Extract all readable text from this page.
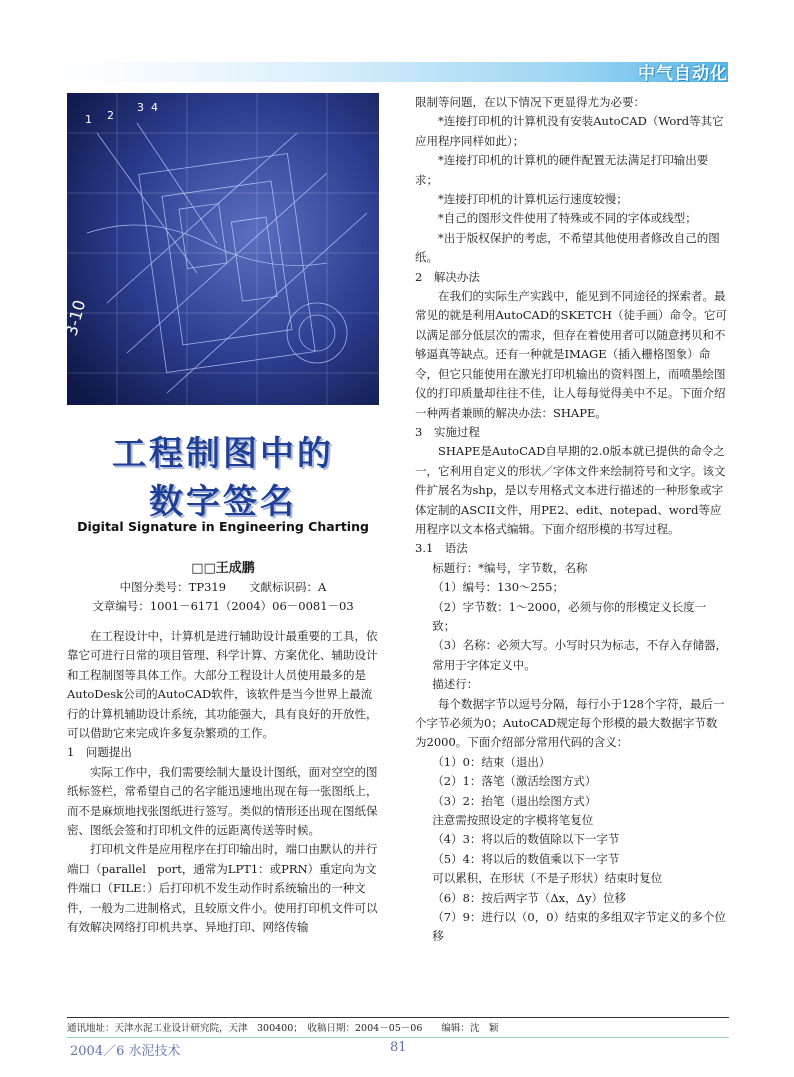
中气自动化
1 2
3 4
3-10
工程制图中的
数字签名
Digital Signature in Engineering Charting
□□王成鹏
中图分类号：TP319　　文献标识码：A
文章编号：1001－6171（2004）06－0081－03

在工程设计中，计算机是进行辅助设计最重要的工具，依靠它可进行日常的项目管理、科学计算、方案优化、辅助设计和工程制图等具体工作。大部分工程设计人员使用最多的是AutoDesk公司的AutoCAD软件，该软件是当今世界上最流行的计算机辅助设计系统，其功能强大，具有良好的开放性，可以借助它来完成许多复杂繁琐的工作。

1　问题提出

实际工作中，我们需要绘制大量设计图纸，面对空空的图纸标签栏，常希望自己的名字能迅速地出现在每一张图纸上，而不是麻烦地找张图纸进行签写。类似的情形还出现在图纸保密、图纸会签和打印机文件的远距离传送等时候。

打印机文件是应用程序在打印输出时，端口由默认的并行端口（parallel　port，通常为LPT1：或PRN）重定向为文件端口（FILE：）后打印机不发生动作时系统输出的一种文件，一般为二进制格式，且较原文件小。使用打印机文件可以有效解决网络打印机共享、异地打印、网络传输

限制等问题，在以下情况下更显得尤为必要：

*连接打印机的计算机没有安装AutoCAD（Word等其它应用程序同样如此）；

*连接打印机的计算机的硬件配置无法满足打印输出要求；

*连接打印机的计算机运行速度较慢；

*自己的图形文件使用了特殊或不同的字体或线型；

*出于版权保护的考虑，不希望其他使用者修改自己的图纸。

2　解决办法

在我们的实际生产实践中，能见到不同途径的探索者。最常见的就是利用AutoCAD的SKETCH（徒手画）命令。它可以满足部分低层次的需求，但存在着使用者可以随意拷贝和不够逼真等缺点。还有一种就是IMAGE（插入栅格图象）命令，但它只能使用在激光打印机输出的资料图上，而喷墨绘图仪的打印质量却往往不佳，让人每每觉得美中不足。下面介绍一种两者兼顾的解决办法：SHAPE。

3　实施过程

SHAPE是AutoCAD自早期的2.0版本就已提供的命令之一，它利用自定义的形状／字体文件来绘制符号和文字。该文件扩展名为shp，是以专用格式文本进行描述的一种形象或字体定制的ASCII文件，用PE2、edit、notepad、word等应用程序以文本格式编辑。下面介绍形模的书写过程。

3.1　语法

标题行：*编号，字节数，名称

（1）编号：130～255；

（2）字节数：1～2000，必须与你的形模定义长度一致；

（3）名称：必须大写。小写时只为标志，不存入存储器，常用于字体定义中。

描述行：

每个数据字节以逗号分隔，每行小于128个字符，最后一个字节必须为0；AutoCAD规定每个形模的最大数据字节数为2000。下面介绍部分常用代码的含义：

（1）0：结束（退出）

（2）1：落笔（激活绘图方式）

（3）2：抬笔（退出绘图方式）

注意需按照设定的字模将笔复位

（4）3：将以后的数值除以下一字节

（5）4：将以后的数值乘以下一字节

可以累积，在形状（不是子形状）结束时复位

（6）8：按后两字节（Δx，Δy）位移

（7）9：进行以（0，0）结束的多组双字节定义的多个位移

通讯地址：天津水泥工业设计研究院，天津　300400；　收稿日期：2004－05－06　　编辑：沈　颖
2004／6 水泥技术	81
